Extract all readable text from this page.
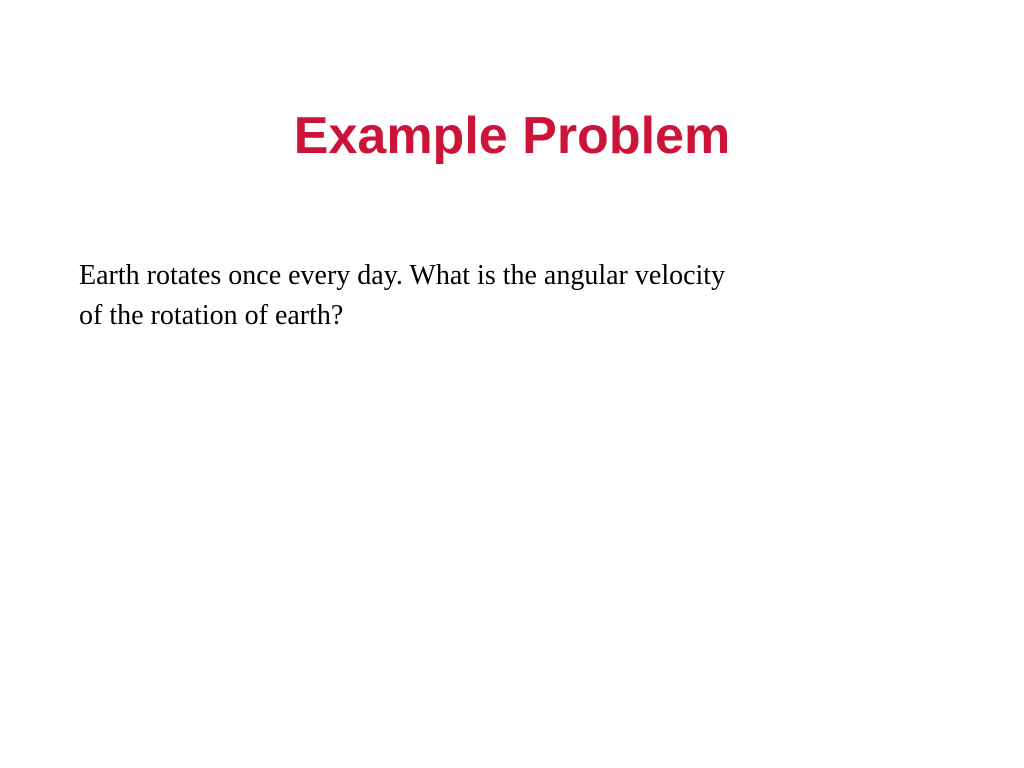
Example Problem

Earth rotates once every day. What is the angular velocity
of the rotation of earth?
